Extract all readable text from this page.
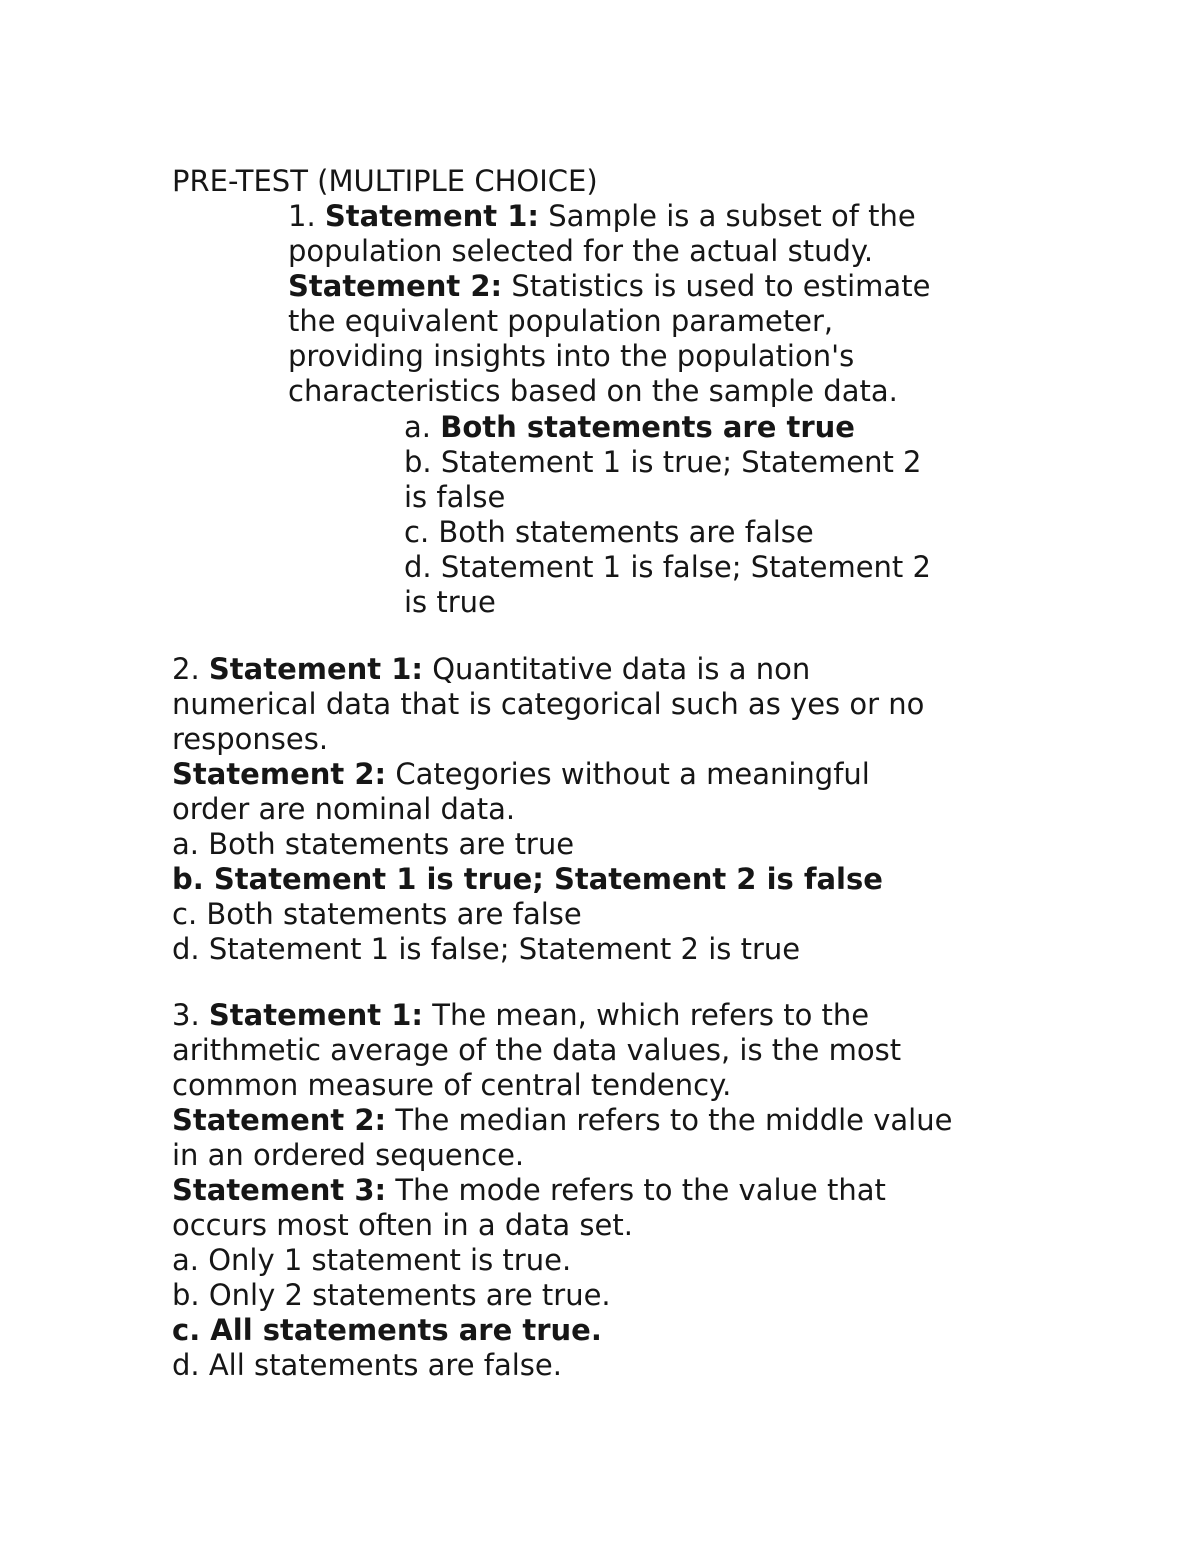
PRE-TEST (MULTIPLE CHOICE)
1. Statement 1: Sample is a subset of the
population selected for the actual study.
Statement 2: Statistics is used to estimate
the equivalent population parameter,
providing insights into the population's
characteristics based on the sample data.
a. Both statements are true
b. Statement 1 is true; Statement 2
is false
c. Both statements are false
d. Statement 1 is false; Statement 2
is true
2. Statement 1: Quantitative data is a non
numerical data that is categorical such as yes or no
responses.
Statement 2: Categories without a meaningful
order are nominal data.
a. Both statements are true
b. Statement 1 is true; Statement 2 is false
c. Both statements are false
d. Statement 1 is false; Statement 2 is true
3. Statement 1: The mean, which refers to the
arithmetic average of the data values, is the most
common measure of central tendency.
Statement 2: The median refers to the middle value
in an ordered sequence.
Statement 3: The mode refers to the value that
occurs most often in a data set.
a. Only 1 statement is true.
b. Only 2 statements are true.
c. All statements are true.
d. All statements are false.
